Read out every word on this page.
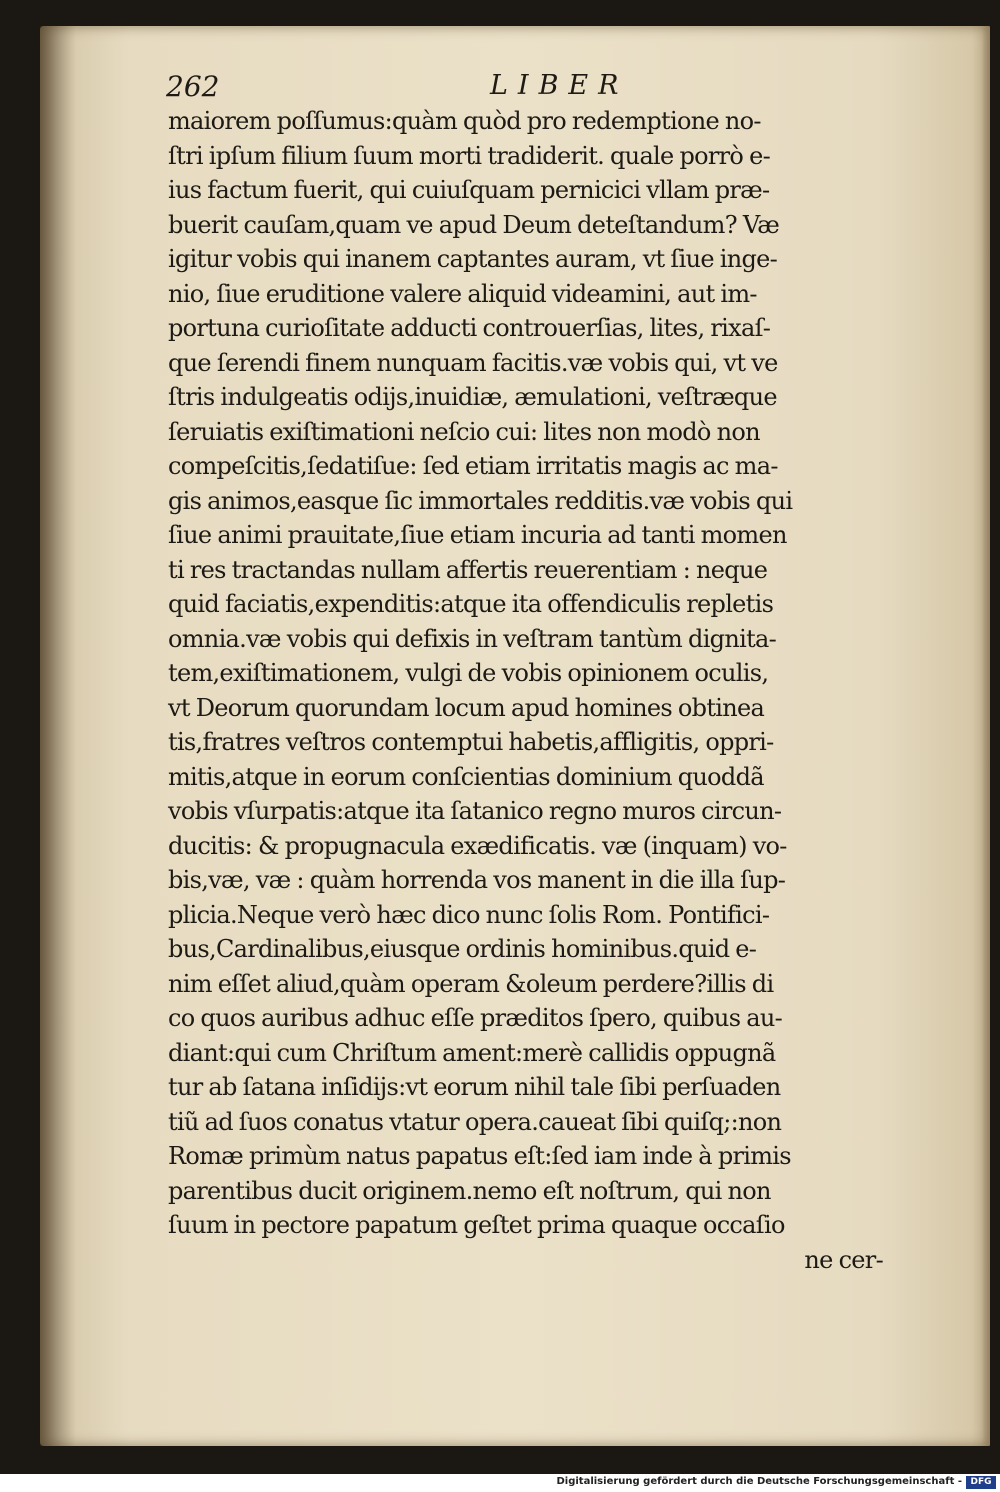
262	LIBER
maiorem poſſumus:quàm quòd pro redemptione no-
ſtri ipſum filium ſuum morti tradiderit. quale porrò e-
ius factum fuerit, qui cuiuſquam pernicici vllam præ-
buerit cauſam,quam ve apud Deum deteſtandum? Væ
igitur vobis qui inanem captantes auram, vt ſiue inge-
nio, ſiue eruditione valere aliquid videamini, aut im-
portuna curioſitate adducti controuerſias, lites, rixaſ-
que ſerendi finem nunquam facitis.væ vobis qui, vt ve
ſtris indulgeatis odijs,inuidiæ, æmulationi, veſtræque
ſeruiatis exiſtimationi neſcio cui: lites non modò non
compeſcitis,ſedatiſue: ſed etiam irritatis magis ac ma-
gis animos,easque ſic immortales redditis.væ vobis qui
ſiue animi prauitate,ſiue etiam incuria ad tanti momen
ti res tractandas nullam affertis reuerentiam : neque
quid faciatis,expenditis:atque ita offendiculis repletis
omnia.væ vobis qui defixis in veſtram tantùm dignita-
tem,exiſtimationem, vulgi de vobis opinionem oculis,
vt Deorum quorundam locum apud homines obtinea
tis,fratres veſtros contemptui habetis,affligitis, oppri-
mitis,atque in eorum conſcientias dominium quoddã
vobis vſurpatis:atque ita ſatanico regno muros circun-
ducitis: & propugnacula exædificatis. væ (inquam) vo-
bis,væ, væ : quàm horrenda vos manent in die illa ſup-
plicia.Neque verò hæc dico nunc ſolis Rom. Pontifici-
bus,Cardinalibus,eiusque ordinis hominibus.quid e-
nim eſſet aliud,quàm operam &oleum perdere?illis di
co quos auribus adhuc eſſe præditos ſpero, quibus au-
diant:qui cum Chriſtum ament:merè callidis oppugnã
tur ab ſatana inſidijs:vt eorum nihil tale ſibi perſuaden
tiũ ad ſuos conatus vtatur opera.caueat ſibi quiſq;:non
Romæ primùm natus papatus eſt:ſed iam inde à primis
parentibus ducit originem.nemo eſt noſtrum, qui non
ſuum in pectore papatum geſtet prima quaque occaſio
ne cer-
Digitalisierung gefördert durch die Deutsche Forschungsgemeinschaft - DFG
